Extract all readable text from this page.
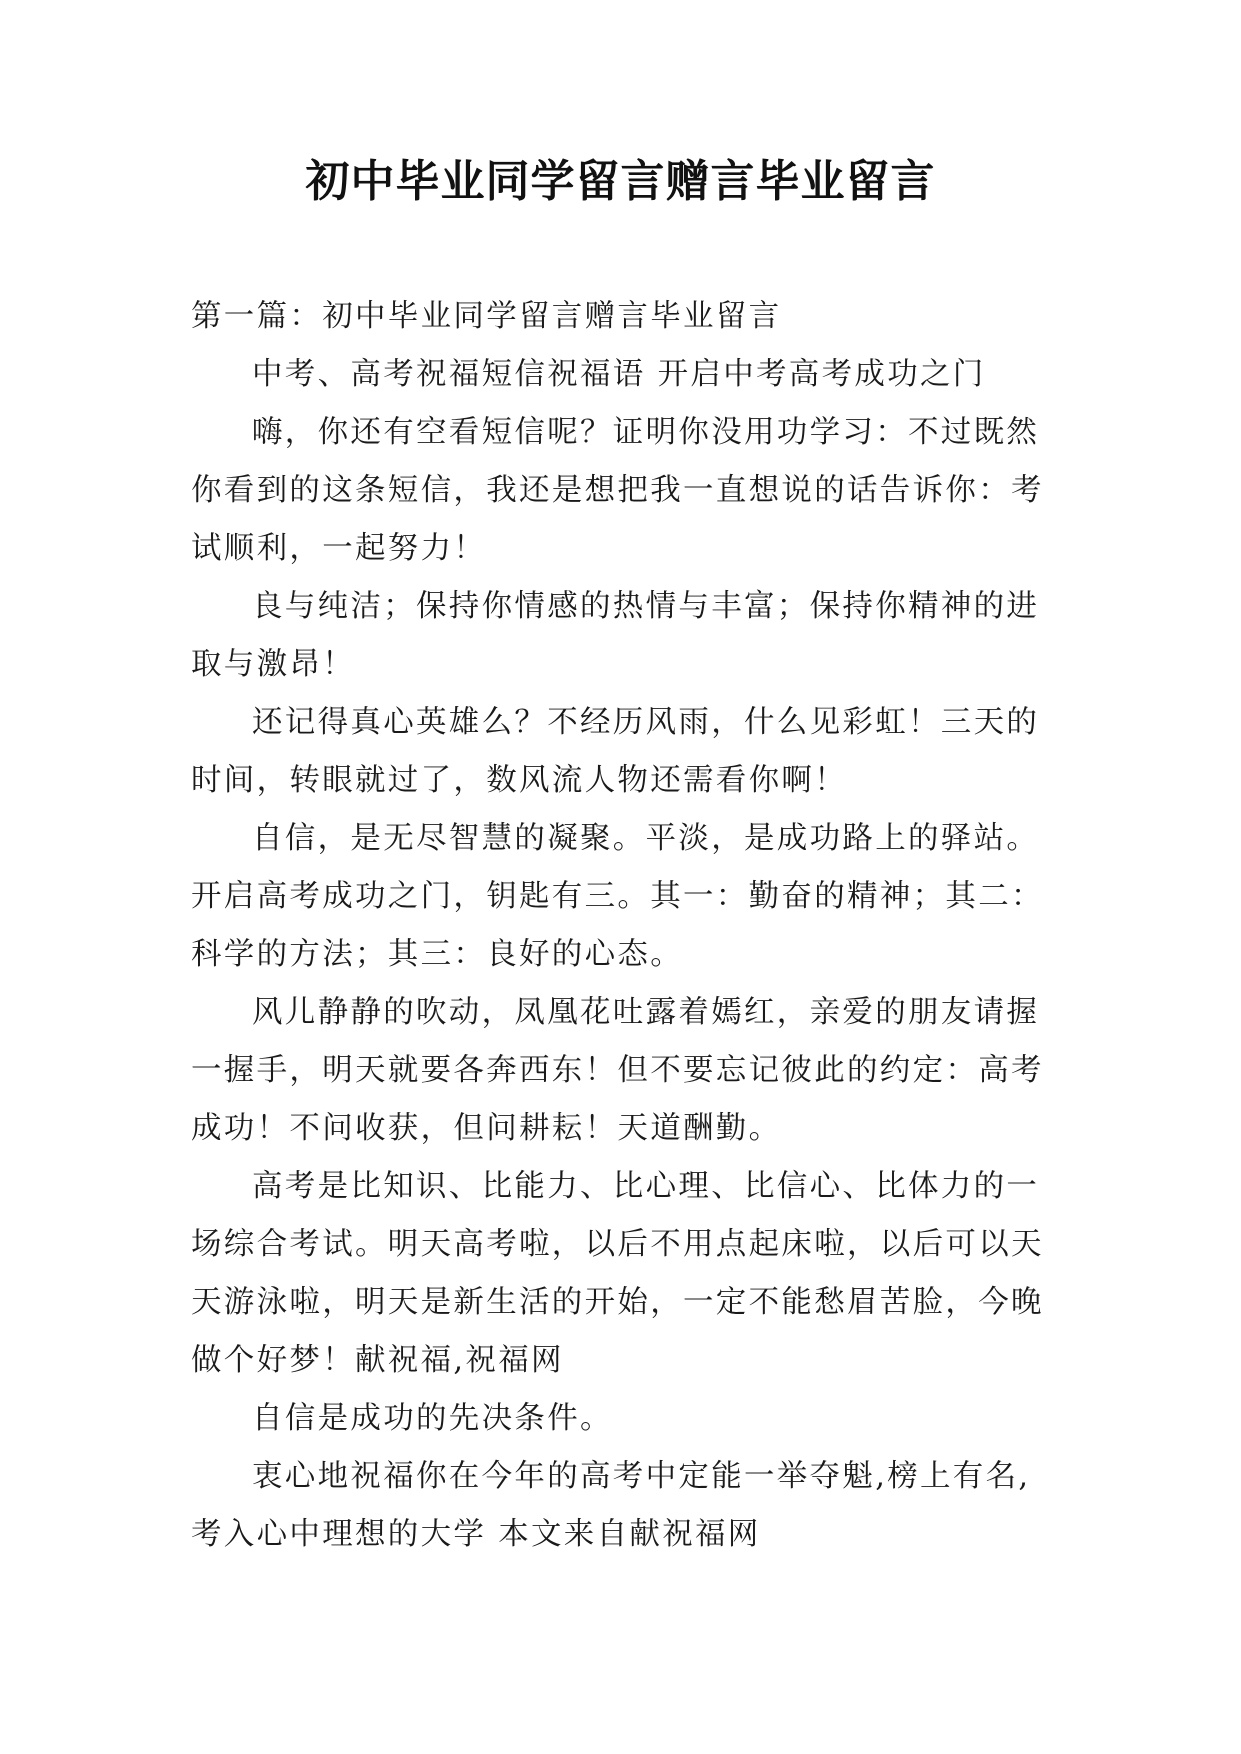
初中毕业同学留言赠言毕业留言

第一篇：初中毕业同学留言赠言毕业留言

中考、高考祝福短信祝福语 开启中考高考成功之门

嗨，你还有空看短信呢？证明你没用功学习：不过既然你看到的这条短信，我还是想把我一直想说的话告诉你：考试顺利，一起努力！

良与纯洁；保持你情感的热情与丰富；保持你精神的进取与激昂！

还记得真心英雄么？不经历风雨，什么见彩虹！三天的时间，转眼就过了，数风流人物还需看你啊！

自信，是无尽智慧的凝聚。平淡，是成功路上的驿站。开启高考成功之门，钥匙有三。其一：勤奋的精神；其二：科学的方法；其三：良好的心态。

风儿静静的吹动，凤凰花吐露着嫣红，亲爱的朋友请握一握手，明天就要各奔西东！但不要忘记彼此的约定：高考成功！不问收获，但问耕耘！天道酬勤。

高考是比知识、比能力、比心理、比信心、比体力的一场综合考试。明天高考啦，以后不用点起床啦，以后可以天天游泳啦，明天是新生活的开始，一定不能愁眉苦脸，今晚做个好梦！献祝福,祝福网

自信是成功的先决条件。

衷心地祝福你在今年的高考中定能一举夺魁,榜上有名,考入心中理想的大学 本文来自献祝福网
